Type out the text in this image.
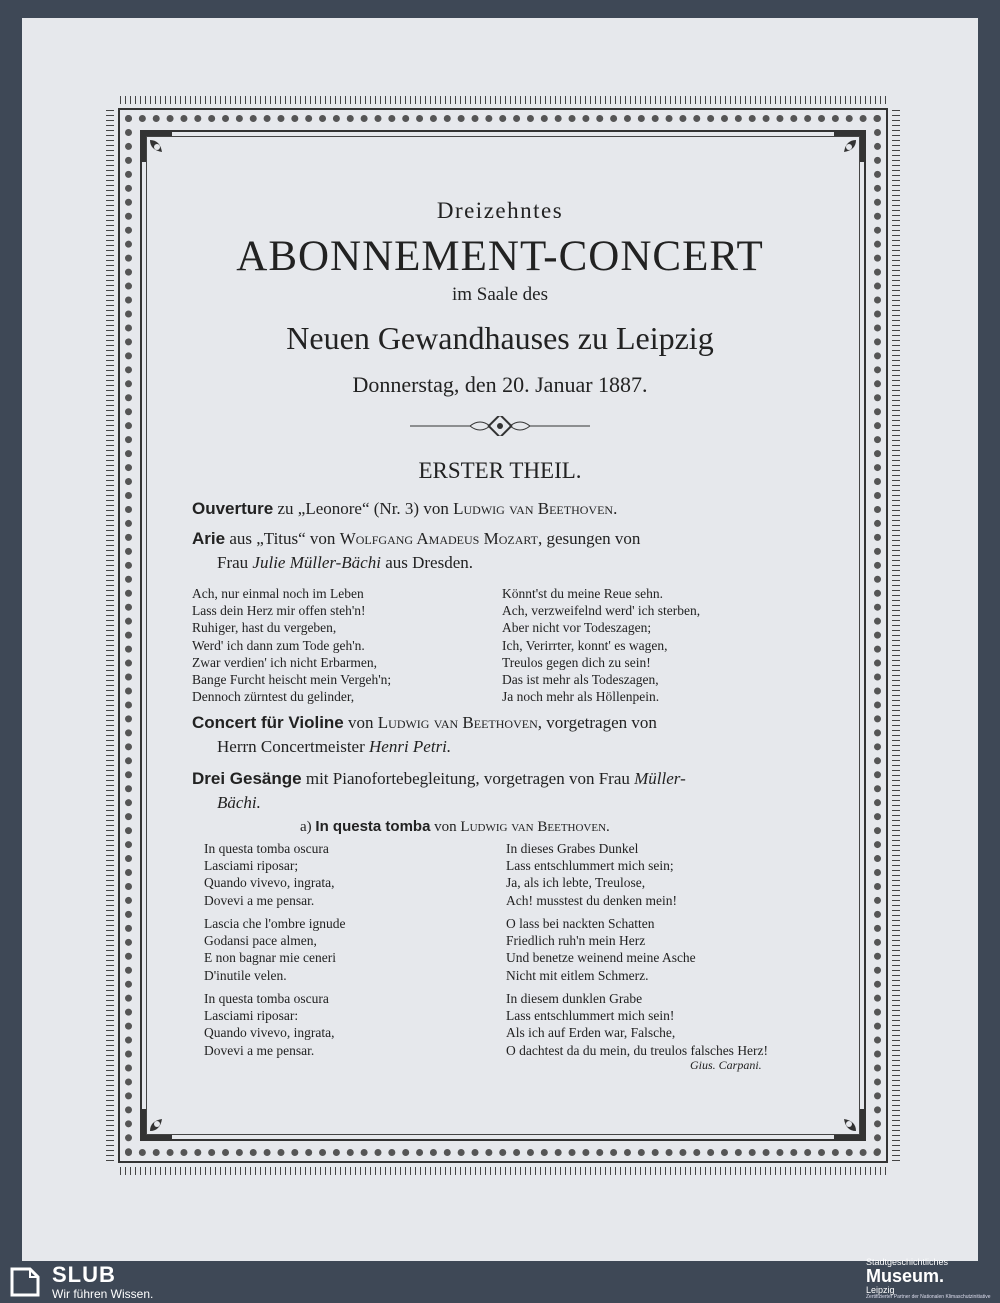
Dreizehntes
ABONNEMENT-CONCERT
im Saale des
Neuen Gewandhauses zu Leipzig
Donnerstag, den 20. Januar 1887.
ERSTER THEIL.
Ouverture zu „Leonore“ (Nr. 3) von Ludwig van Beethoven.
Arie aus „Titus“ von Wolfgang Amadeus Mozart, gesungen von
Frau Julie Müller-Bächi aus Dresden.
Ach, nur einmal noch im Leben
Lass dein Herz mir offen steh'n!
Ruhiger, hast du vergeben,
Werd' ich dann zum Tode geh'n.
Zwar verdien' ich nicht Erbarmen,
Bange Furcht heischt mein Vergeh'n;
Dennoch zürntest du gelinder,
Könnt'st du meine Reue sehn.
Ach, verzweifelnd werd' ich sterben,
Aber nicht vor Todeszagen;
Ich, Verirrter, konnt' es wagen,
Treulos gegen dich zu sein!
Das ist mehr als Todeszagen,
Ja noch mehr als Höllenpein.
Concert für Violine von Ludwig van Beethoven, vorgetragen von
Herrn Concertmeister Henri Petri.
Drei Gesänge mit Pianofortebegleitung, vorgetragen von Frau Müller-
Bächi.
a) In questa tomba von Ludwig van Beethoven.
In questa tomba oscura
Lasciami riposar;
Quando vivevo, ingrata,
Dovevi a me pensar.
In dieses Grabes Dunkel
Lass entschlummert mich sein;
Ja, als ich lebte, Treulose,
Ach! musstest du denken mein!
Lascia che l'ombre ignude
Godansi pace almen,
E non bagnar mie ceneri
D'inutile velen.
O lass bei nackten Schatten
Friedlich ruh'n mein Herz
Und benetze weinend meine Asche
Nicht mit eitlem Schmerz.
In questa tomba oscura
Lasciami riposar:
Quando vivevo, ingrata,
Dovevi a me pensar.
In diesem dunklen Grabe
Lass entschlummert mich sein!
Als ich auf Erden war, Falsche,
O dachtest da du mein, du treulos falsches Herz!
Gius. Carpani.
SLUB
Wir führen Wissen.
Stadtgeschichtliches
Museum.
Leipzig
Zertifizierter Partner der Nationalen Klimaschutzinitiative
